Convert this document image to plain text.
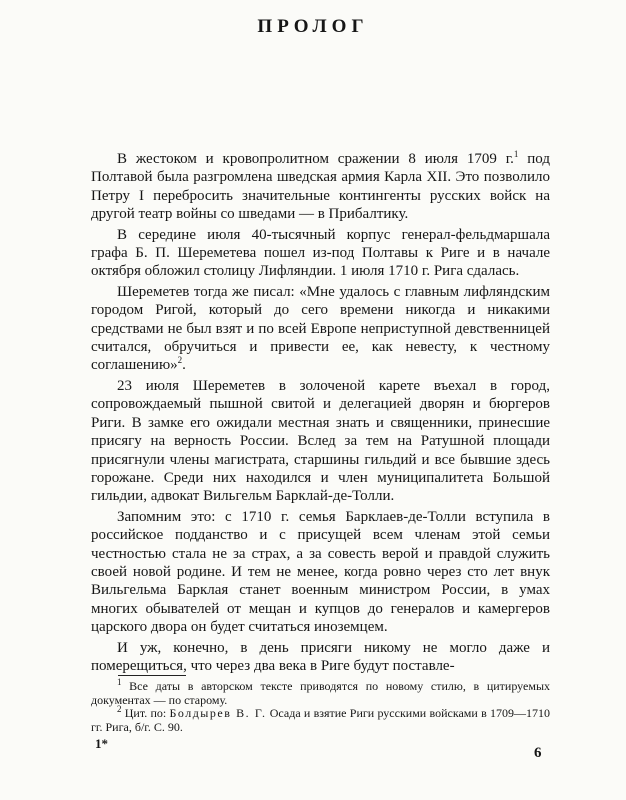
ПРОЛОГ

В жестоком и кровопролитном сражении 8 июля 1709 г.$^1$ под Полтавой была разгромлена шведская армия Карла XII. Это позволило Петру I перебросить значительные контингенты русских войск на другой театр войны со шведами — в Прибалтику.

В середине июля 40-тысячный корпус генерал-фельдмаршала графа Б. П. Шереметева пошел из-под Полтавы к Риге и в начале октября обложил столицу Лифляндии. 1 июля 1710 г. Рига сдалась.

Шереметев тогда же писал: «Мне удалось с главным лифляндским городом Ригой, который до сего времени никогда и никакими средствами не был взят и по всей Европе неприступной девственницей считался, обручиться и привести ее, как невесту, к честному соглашению»$^2$.

23 июля Шереметев в золоченой карете въехал в город, сопровождаемый пышной свитой и делегацией дворян и бюргеров Риги. В замке его ожидали местная знать и священники, принесшие присягу на верность России. Вслед за тем на Ратушной площади присягнули члены магистрата, старшины гильдий и все бывшие здесь горожане. Среди них находился и член муниципалитета Большой гильдии, адвокат Вильгельм Барклай-де-Толли.

Запомним это: с 1710 г. семья Барклаев-де-Толли вступила в российское подданство и с присущей всем членам этой семьи честностью стала не за страх, а за совесть верой и правдой служить своей новой родине. И тем не менее, когда ровно через сто лет внук Вильгельма Барклая станет военным министром России, в умах многих обывателей от мещан и купцов до генералов и камергеров царского двора он будет считаться иноземцем.

И уж, конечно, в день присяги никому не могло даже и померещиться, что через два века в Риге будут поставле-

$^1$ Все даты в авторском тексте приводятся по новому стилю, в цитируемых документах — по старому.

$^2$ Цит. по: Болдырев В. Г. Осада и взятие Риги русскими войсками в 1709—1710 гг. Рига, б/г. С. 90.

1*
6
